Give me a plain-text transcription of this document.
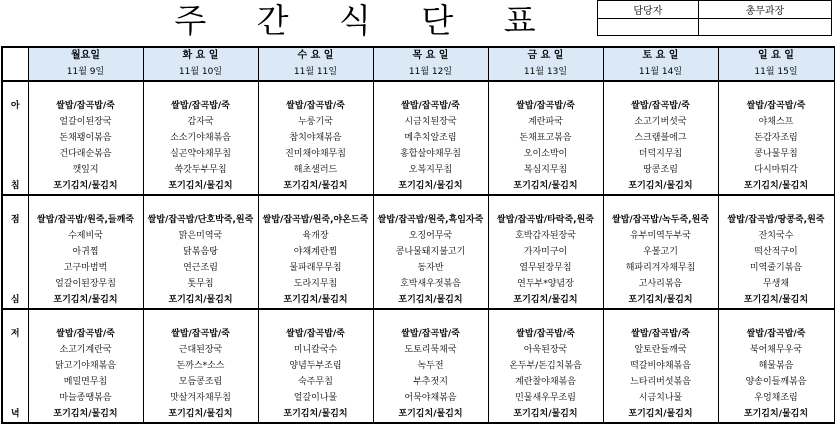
주 간 식 단 표	담당자	총무과장

	월요일	화 요 일	수 요 일	목 요 일	금 요 일	토 요 일	일 요 일
	11월 9일	11월 10일	11월 11일	11월 12일	11월 13일	11월 14일	11월 15일

아	쌀밥/잡곡밥/죽	쌀밥/잡곡밥/죽	쌀밥/잡곡밥/죽	쌀밥/잡곡밥/죽	쌀밥/잡곡밥/죽	쌀밥/잡곡밥/죽	쌀밥/잡곡밥/죽
	얼갈이된장국	감자국	누룽기국	시금치된장국	계란파국	소고기버섯국	야채스프
	돈채꽹이볶음	소소기야채볶음	참치야채볶음	메추치알조림	돈채표고볶음	스크램블에그	돈감자조림
	건다래순볶음	실곤약야채무침	진미채야채무침	홍합살야채무침	오이소박이	더덕지무침	콩나물무침
	깻잎지	쑥갓두부무침	해초샐러드	오복지무침	복심지무침	땅콩조림	다시마튀각
침	포기김치/물김치	포기김치/물김치	포기김치/물김치	포기김치/물김치	포기김치/물김치	포기김치/물김치	포기김치/물김치

점	쌀밥/잡곡밥/원죽,들깨죽	쌀밥/잡곡밥/단호박죽,원죽	쌀밥/잡곡밥/원죽,야온드죽	쌀밥/잡곡밥/원죽,흑임자죽	쌀밥/잡곡밥/타락죽,원죽	쌀밥/잡곡밥/녹두죽,원죽	쌀밥/잡곡밥/땅콩죽,원죽
	수제비국	맑은미역국	육개장	오징어무국	호박감자된장국	유부미역두부국	잔치국수
	아귀찜	닭볶음탕	야채계란찜	콩나물돼지불고기	가자미구이	우볼고기	떡산적구이
	고구마범벅	연근조림	물파래무무침	동자반	열무된장무침	해파리겨자채무침	미역줄기볶음
	얼갈이된장무침	톳무침	도라지무침	호박새우젓볶음	연두부*양념장	고사리볶음	무생채
심	포기김치/물김치	포기김치/물김치	포기김치/물김치	포기김치/물김치	포기김치/물김치	포기김치/물김치	포기김치/물김치

저	쌀밥/잡곡밥/죽	쌀밥/잡곡밥/죽	쌀밥/잡곡밥/죽	쌀밥/잡곡밥/죽	쌀밥/잡곡밥/죽	쌀밥/잡곡밥/죽	쌀밥/잡곡밥/죽
	소고기계란국	근대된장국	미니칼국수	도토리묵채국	아욱된장국	알토란들깨국	북어채무우국
	닭고기야채볶음	돈까스*소스	양념두부조림	녹두전	온두부/돈김치볶음	떡갈비야채볶음	해물볶음
	메밀면무침	모듬콩조림	숙주무침	부추젓지	계란찰야채볶음	느타리버섯볶음	양송이들깨볶음
	마늘종땡볶음	맛살겨자채무침	얼갈이나물	어묵야채볶음	민물새우무조림	시금치나물	우엉채조림
녁	포기김치/물김치	포기김치/물김치	포기김치/물김치	포기김치/물김치	포기김치/물김치	포기김치/물김치	포기김치/물김치
